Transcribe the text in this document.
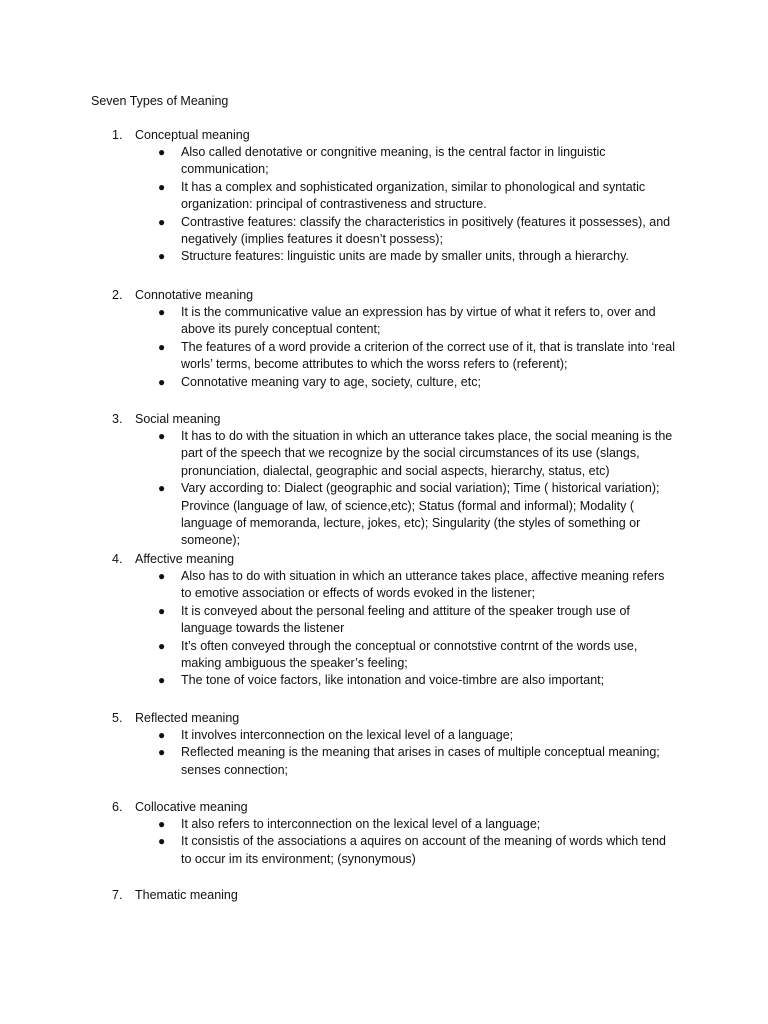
Seven Types of Meaning
1. Conceptual meaning
● Also called denotative or congnitive meaning, is the central factor in linguistic communication;
● It has a complex and sophisticated organization, similar to phonological and syntatic organization: principal of contrastiveness and structure.
● Contrastive features: classify the characteristics in positively (features it possesses), and negatively (implies features it doesn’t possess);
● Structure features: linguistic units are made by smaller units, through a hierarchy.
2. Connotative meaning
● It is the communicative value an expression has by virtue of what it refers to, over and above its purely conceptual content;
● The features of a word provide a criterion of the correct use of it, that is translate into ‘real worls’ terms, become attributes to which the worss refers to (referent);
● Connotative meaning vary to age, society, culture, etc;
3. Social meaning
● It has to do with the situation in which an utterance takes place, the social meaning is the part of the speech that we recognize by the social circumstances of its use (slangs, pronunciation, dialectal, geographic and social aspects, hierarchy, status, etc)
● Vary according to: Dialect (geographic and social variation); Time ( historical variation); Province (language of law, of science,etc); Status (formal and informal); Modality ( language of memoranda, lecture, jokes, etc); Singularity (the styles of something or someone);
4. Affective meaning
● Also has to do with situation in which an utterance takes place, affective meaning refers to emotive association or effects of words evoked in the listener;
● It is conveyed about the personal feeling and attiture of the speaker trough use of language towards the listener
● It’s often conveyed through the conceptual or connotstive contrnt of the words use, making ambiguous the speaker’s feeling;
● The tone of voice factors, like intonation and voice-timbre are also important;
5. Reflected meaning
● It involves interconnection on the lexical level of a language;
● Reflected meaning is the meaning that arises in cases of multiple conceptual meaning; senses connection;
6. Collocative meaning
● It also refers to interconnection on the lexical level of a language;
● It consistis of the associations a aquires on account of the meaning of words which tend to occur im its environment; (synonymous)
7. Thematic meaning
